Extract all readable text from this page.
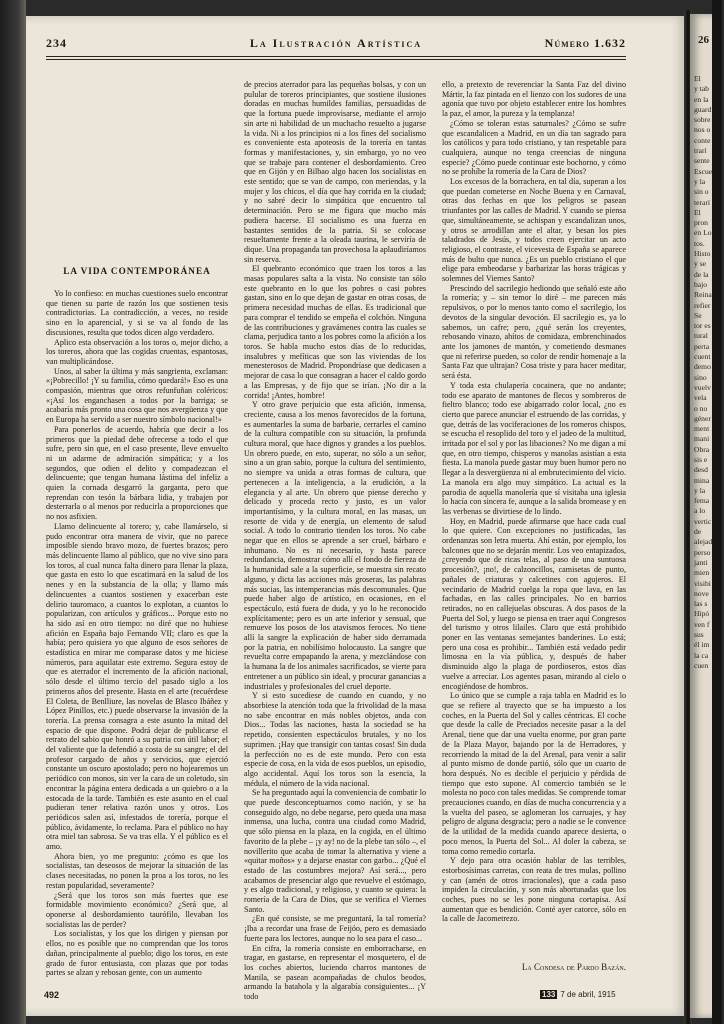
234	La Ilustración Artística	Número 1.632
LA VIDA CONTEMPORÁNEA

Yo lo confieso: en muchas cuestiones suelo encontrar que tienen su parte de razón los que sostienen tesis contradictorias. La contradicción, a veces, no reside sino en lo aparencial, y si se va al fondo de las discusiones, resulta que todos dicen algo verdadero.

Aplico esta observación a los toros o, mejor dicho, a los toreros, ahora que las cogidas cruentas, espantosas, van multiplicándose.

Unos, al saber la última y más sangrienta, exclaman: «¡Pobrecillo! ¡Y su familia, cómo quedará!» Eso es una compasión, mientras que otros refunfuñan coléricos: «¡Así los enganchasen a todos por la barriga; se acabaría más pronto una cosa que nos avergüenza y que en Europa ha servido a ser nuestro símbolo nacional!»

Para ponerlos de acuerdo, habría que decir a los primeros que la piedad debe ofrecerse a todo el que sufre, pero sin que, en el caso presente, lleve envuelto ni un adarme de admiración simpática; y a los segundos, que odien el delito y compadezcan el delincuente; que tengan humana lástima del infeliz a quien la cornada desgarró la garganta, pero que reprendan con tesón la bárbara lidia, y trabajen por desterrarla o al menos por reducirla a proporciones que no nos asfixien.

Llamo delincuente al torero; y, cabe llamárselo, si pudo encontrar otra manera de vivir, que no parece imposible siendo bravo mozo, de fuertes brazos; pero más delincuente llamo al público, que no vive sino para los toros, al cual nunca falta dinero para llenar la plaza, que gasta en esto lo que escatimará en la salud de los nenes y en la substancia de la olla; y llamo más delincuentes a cuantos sostienen y exacerban este delirio tauromaco, a cuantos lo explotan, a cuantos lo popularizan, con artículos y gráficos... Porque esto no ha sido así en otro tiempo: no diré que no hubiese afición en España bajo Fernando VII; claro es que la había; pero quisiera yo que alguno de esos señores de estadística en mirar me comparase datos y me hiciese números, para aquilatar este extremo. Segura estoy de que es aterrador el incremento de la afición nacional, sólo desde el último tercio del pasado siglo a los primeros años del presente. Hasta en el arte (recuérdese El Coleta, de Benlliure, las novelas de Blasco Ibáñez y López Pinillos, etc.) puede observarse la invasión de la torería. La prensa consagra a este asunto la mitad del espacio de que dispone. Podrá dejar de publicarse el retrato del sabio que honró a su patria con útil labor; el del valiente que la defendió a costa de su sangre; el del profesor cargado de años y servicios, que ejerció constante un oscuro apostolado; pero no hojearemos un periódico con monos, sin ver la cara de un coletudo, sin encontrar la página entera dedicada a un quiebro o a la estocada de la tarde. También es este asunto en el cual pudieran tener relativa razón unos y otros. Los periódicos salen así, infestados de torería, porque el público, ávidamente, lo reclama. Para el público no hay otra miel tan sabrosa. Se va tras ella. Y el público es el amo.

Ahora bien, yo me pregunto: ¿cómo es que los socialistas, tan deseosos de mejorar la situación de las clases necesitadas, no ponen la proa a los toros, no les restan popularidad, severamente?

¿Será que los toros son más fuertes que ese formidable movimiento económico? ¿Será que, al oponerse al desbordamiento taurófilo, llevaban los socialistas las de perder?

Los socialistas, y los que los dirigen y piensan por ellos, no es posible que no comprendan que los toros dañan, principalmente al pueblo; digo los toros, en este grado de furor entusiasta, con plazas que por todas partes se alzan y rebosan gente, con un aumento

de precios aterrador para las pequeñas bolsas, y con un pulular de toreros principiantes, que sostiene ilusiones doradas en muchas humildes familias, persuadidas de que la fortuna puede improvisarse, mediante el arrojo sin arte ni habilidad de un muchacho resuelto a jugarse la vida. Ni a los principios ni a los fines del socialismo es conveniente esta apoteosis de la torería en tantas formas y manifestaciones, y, sin embargo, yo no veo que se trabaje para contener el desbordamiento. Creo que en Gijón y en Bilbao algo hacen los socialistas en este sentido; que se van de campo, con meriendas, y la mujer y los chicos, el día que hay corrida en la ciudad; y no sabré decir lo simpática que encuentro tal determinación. Pero se me figura que mucho más pudiera hacerse. El socialismo es una fuerza en bastantes sentidos de la patria. Si se colocase resueltamente frente a la oleada taurina, le serviría de dique. Una propaganda tan provechosa la aplaudiríamos sin reserva.

El quebranto económico que traen los toros a las masas populares salta a la vista. No consiste tan sólo este quebranto en lo que los pobres o casi pobres gastan, sino en lo que dejan de gastar en otras cosas, de primera necesidad muchas de ellas. Es tradicional que para comprar el tendido se empeña el colchón. Ninguna de las contribuciones y gravámenes contra las cuales se clama, perjudica tanto a los pobres como la afición a los toros. Se habla mucho estos días de lo reducidas, insalubres y mefíticas que son las viviendas de los menesterosos de Madrid. Propondríase que dedicasen a mejorar de casa lo que consagran a hacer el caldo gordo a las Empresas, y de fijo que se irían. ¡No dir a la corrida! ¡Antes, hombre!

Y otro grave perjuicio que esta afición, inmensa, creciente, causa a los menos favorecidos de la fortuna, es aumentarles la suma de barbarie, cerrarles el camino de la cultura compatible con su situación, la profunda cultura moral, que hace dignos y grandes a los pueblos. Un obrero puede, en esto, superar, no sólo a un señor, sino a un gran sabio, porque la cultura del sentimiento, no siempre va unida a otras formas de cultura, que pertenecen a la inteligencia, a la erudición, a la elegancia y al arte. Un obrero que piense derecho y delicado y proceda recto y justo, es un valor importantísimo, y la cultura moral, en las masas, un resorte de vida y de energía, un elemento de salud social. A todo lo contrario tienden los toros. No cabe negar que en ellos se aprende a ser cruel, bárbaro e inhumano. No es ni necesario, y hasta parece redundancia, demostrar cómo allí el fondo de fiereza de la humanidad sale a la superficie, se muestra sin recato alguno, y dicta las acciones más groseras, las palabras más sucias, las intemperancias más descomunales. Que puede haber algo de artístico, en ocasiones, en el espectáculo, está fuera de duda, y yo lo he reconocido explícitamente; pero es un arte inferior y sensual, que remueve los posos de los atavismos feroces. No tiene allí la sangre la explicación de haber sido derramada por la patria, en nobilísimo holocausto. La sangre que revuelta corre empapando la arena, y mezclándose con la humana la de los animales sacrificados, se vierte para entretener a un público sin ideal, y procurar ganancias a industriales y profesionales del cruel deporte.

Y si esto sucediese de cuando en cuando, y no absorbiese la atención toda que la frivolidad de la masa no sabe encontrar en más nobles objetos, anda con Dios... Todas las naciones, hasta la sociedad se ha repetido, consienten espectáculos brutales, y no los suprimen. ¡Hay que transigir con tantas cosas! Sin duda la perfección no es de este mundo. Pero con esta especie de cosa, en la vida de esos pueblos, un episodio, algo accidental. Aquí los toros son la esencia, la médula, el número de la vida nacional.

Se ha preguntado aquí la conveniencia de combatir lo que puede desconceptuarnos como nación, y se ha conseguido algo, no debe negarse, pero queda una masa inmensa, una lucha, contra una ciudad como Madrid, que sólo piensa en la plaza, en la cogida, en el último favorito de la plebe – ¡y ay! no de la plebe tan sólo –, el novillerito que acaba de tomar la alternativa y viene a «quitar moños» y a dejarse enastar con garbo... ¿Qué el estado de las costumbres mejora? Así será..., pero acabamos de presenciar algo que revuelve el estómago, y es algo tradicional, y religioso, y cuanto se quiera: la romería de la Cara de Dios, que se verifica el Viernes Santo.

¿En qué consiste, se me preguntará, la tal romería? ¡Iba a recordar una frase de Feijóo, pero es demasiado fuerte para los lectores, aunque no lo sea para el caso...

En cifra, la romería consiste en emborracharse, en tragar, en gastarse, en representar el mosquetero, el de los coches abiertos, luciendo charros mantones de Manila, se pasean acompañadas de chulos beodos, armando la batahola y la algarabía consiguientes... ¡Y todo

ello, a pretexto de reverenciar la Santa Faz del divino Mártir, la faz pintada en el lienzo con los sudores de una agonía que tuvo por objeto establecer entre los hombres la paz, el amor, la pureza y la templanza!

¿Cómo se toleran estas saturnales? ¿Cómo se sufre que escandalicen a Madrid, en un día tan sagrado para los católicos y para todo cristiano, y tan respetable para cualquiera, aunque no tenga creencias de ninguna especie? ¿Cómo puede continuar este bochorno, y cómo no se prohíbe la romería de la Cara de Dios?

Los excesos de la borrachera, en tal día, superan a los que puedan cometerse en Noche Buena y en Carnaval, otras dos fechas en que los peligros se pasean triunfantes por las calles de Madrid. Y cuando se piensa que, simultáneamente, se achispan y escandalizan unos, y otros se arrodillan ante el altar, y besan los pies taladrados de Jesús, y todos creen ejercitar un acto religioso, el contraste, el vicevesta de España se aparece más de bulto que nunca. ¿Es un pueblo cristiano el que elige para embeodarse y barbarizar las horas trágicas y solemnes del Viernes Santo?

Prescindo del sacrilegio hediondo que señaló este año la romería; y – sin temor lo diré – me parecen más repulsivos, o por lo menos tanto como el sacrilegio, los devotos de la singular devoción. El sacrilegio es, ya lo sabemos, un cafre; pero, ¿qué serán los creyentes, rebosando vinazo, ahítos de comidaza, embrenchinados ante los jamones de mantón, y cometiendo desmanes que ni referirse pueden, so color de rendir homenaje a la Santa Faz que ultrajan? Cosa triste y para hacer meditar, será ésta.

Y toda esta chulapería cocainera, que no andante; todo ese aparato de mantones de flecos y sombreros de fieltro blanco; todo ese abigarrado color local, ¿no es cierto que parece anunciar el estruendo de las corridas, y que, detrás de las vociferaciones de los romeros chispos, se escucha el resoplido del toro y el jadeo de la multitud, irritada por el sol y por las libaciones? No me digan a mí que, en otro tiempo, chisperos y manolas asistían a esta fiesta. La manola puede gastar muy buen humor pero no llegar a la desvergüenza ni al embrutecimiento del vicio. La manola era algo muy simpático. La actual es la parodia de aquella manolería que sí visitaba una iglesia lo hacía con sincera fe, aunque a la salida bromease y en las verbenas se divirtiese de lo lindo.

Hoy, en Madrid, puede afirmarse que hace cada cual lo que quiere. Con excepciones no justificadas, las ordenanzas son letra muerta. Ahí están, por ejemplo, los balcones que no se dejarán mentir. Los veo entapizados, ¿creyendo que de ricas telas, al paso de una suntuosa procesión?, ¡no!, de calzoncillos, camisetas de punto, pañales de criaturas y calcetines con agujeros. El vecindario de Madrid cuelga la ropa que lava, en las fachadas, en las calles principales. No en barrios retirados, no en callejuelas obscuras. A dos pasos de la Puerta del Sol, y luego se piensa en traer aquí Congresos del turismo y otros lilailes. Claro que está prohibido poner en las ventanas semejantes banderines. Lo está; pero una cosa es prohibir... También está vedado pedir limosna en la vía pública, y, después de haber disminuido algo la plaga de pordioseros, estos días vuelve a arreciar. Los agentes pasan, mirando al cielo o encogiéndose de hombros.

Lo único que se cumple a raja tabla en Madrid es lo que se refiere al trayecto que se ha impuesto a los coches, en la Puerta del Sol y calles céntricas. El coche que desde la calle de Preciados necesite pasar a la del Arenal, tiene que dar una vuelta enorme, por gran parte de la Plaza Mayor, bajando por la de Herradores, y recorriendo la mitad de la del Arenal, para venir a salir al punto mismo de donde partió, sólo que un cuarto de hora después. No es decible el perjuicio y pérdida de tiempo que esto supone. Al comercio también se le molesta no poco con tales medidas. Se comprende tomar precauciones cuando, en días de mucha concurrencia y a la vuelta del paseo, se aglomeran los carruajes, y hay peligro de alguna desgracia; pero a nadie se le convence de la utilidad de la medida cuando aparece desierta, o poco menos, la Puerta del Sol... Al doler la cabeza, se toma como remedio cortarla.

Y dejo para otra ocasión hablar de las terribles, estorbosísimas carretas, con reata de tres mulas, pollino y can (amén de otros irracionales), que a cada paso impiden la circulación, y son más abortunadas que los coches, pues no se les pone ninguna cortapisa. Así aumentan que es bendición. Conté ayer catorce, sólo en la calle de Jacometrezo.

La Condesa de Pardo Bazán.
492	133 7 de abril, 1915
26
El
y tab
en la
guard
sobre
nos o
conte
trarí
sente
Escue
y la
sin o
terarí
El
pron
en Lo
tos.
Histo
y se
de la
bajo
Reina
refier
Se
tor es
tural
perta
cuent
demo
sino
vuelv
vela
o no
géner
ment
mani
Obra
sis e
desd
mina
y la
fema
a lo
vertic
de
alejad
perso
janti
mien
visibi
nove
las s
Hipó
ven f
sus
él im
la ca
cuen
